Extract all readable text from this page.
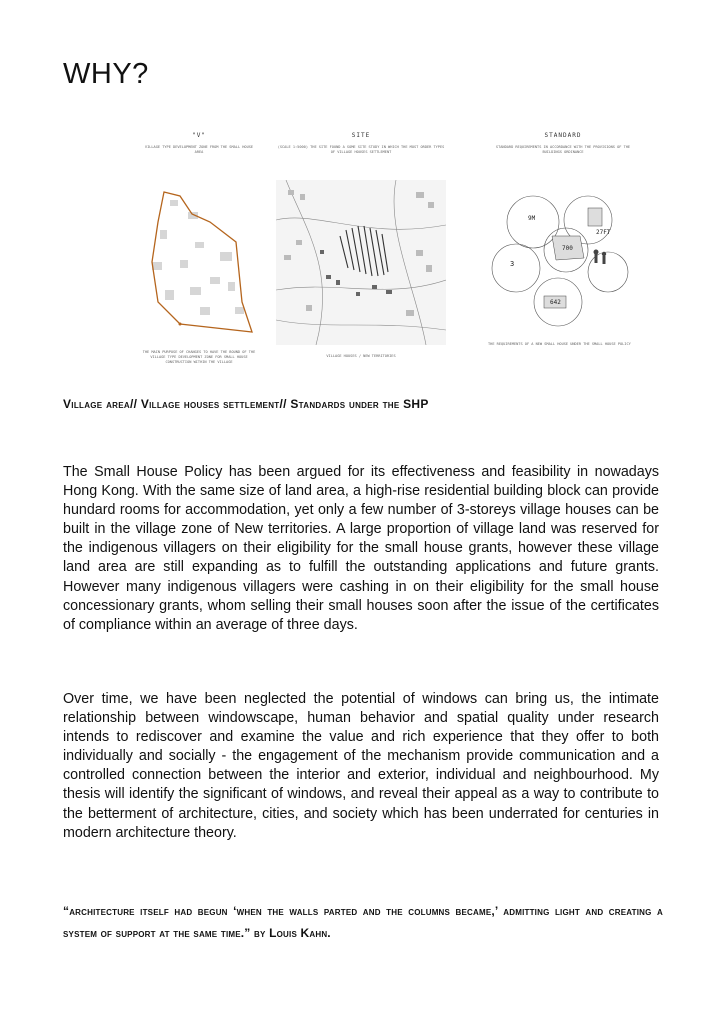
WHY?
"V"
VILLAGE TYPE DEVELOPMENT ZONE FROM THE SMALL HOUSE AREA
THE MAIN PURPOSE OF CHANGES TO HAVE THE BOUND OF THE VILLAGE TYPE DEVELOPMENT ZONE FOR SMALL HOUSE CONSTRUCTION WITHIN THE VILLAGE
SITE
(SCALE 1:5000) THE SITE FOUND A SOME SITE STUDY IN WHICH THE MOST ORDER TYPES OF VILLAGE HOUSES SETTLEMENT
VILLAGE HOUSES / NEW TERRITORIES
STANDARD
STANDARD REQUIREMENTS IN ACCORDANCE WITH THE PROVISIONS OF THE BUILDINGS ORDINANCE
9M
27FT
700
3
642
THE REQUIREMENTS OF A NEW SMALL HOUSE UNDER THE SMALL HOUSE POLICY

Village area// Village houses settlement// Standards under the SHP

The Small House Policy has been argued for its effectiveness and feasibility in nowadays Hong Kong. With the same size of land area, a high-rise residential building block can provide hundard rooms for accommodation, yet only a few number of 3-storeys village houses can be built in the village zone of New territories. A large proportion of village land was reserved for the indigenous villagers on their eligibility for the small house grants, however these village land area are still expanding as to fulfill the outstanding applications and future grants. However many indigenous villagers were cashing in on their eligibility for the small house concessionary grants, whom selling their small houses soon after the issue of the certificates of compliance within an average of three days.

Over time, we have been neglected the potential of windows can bring us, the intimate relationship between windowscape, human behavior and spatial quality under research intends to rediscover and examine the value and rich experience that they offer to both individually and socially - the engagement of the mechanism provide communication and a controlled connection between the interior and exterior, individual and neighbourhood. My thesis will identify the significant of windows, and reveal their appeal as a way to contribute to the betterment of architecture, cities, and society which has been underrated for centuries in modern architecture theory.

“architecture itself had begun ‘when the walls parted and the columns became,’ admitting light and creating a system of support at the same time.” by Louis Kahn.
